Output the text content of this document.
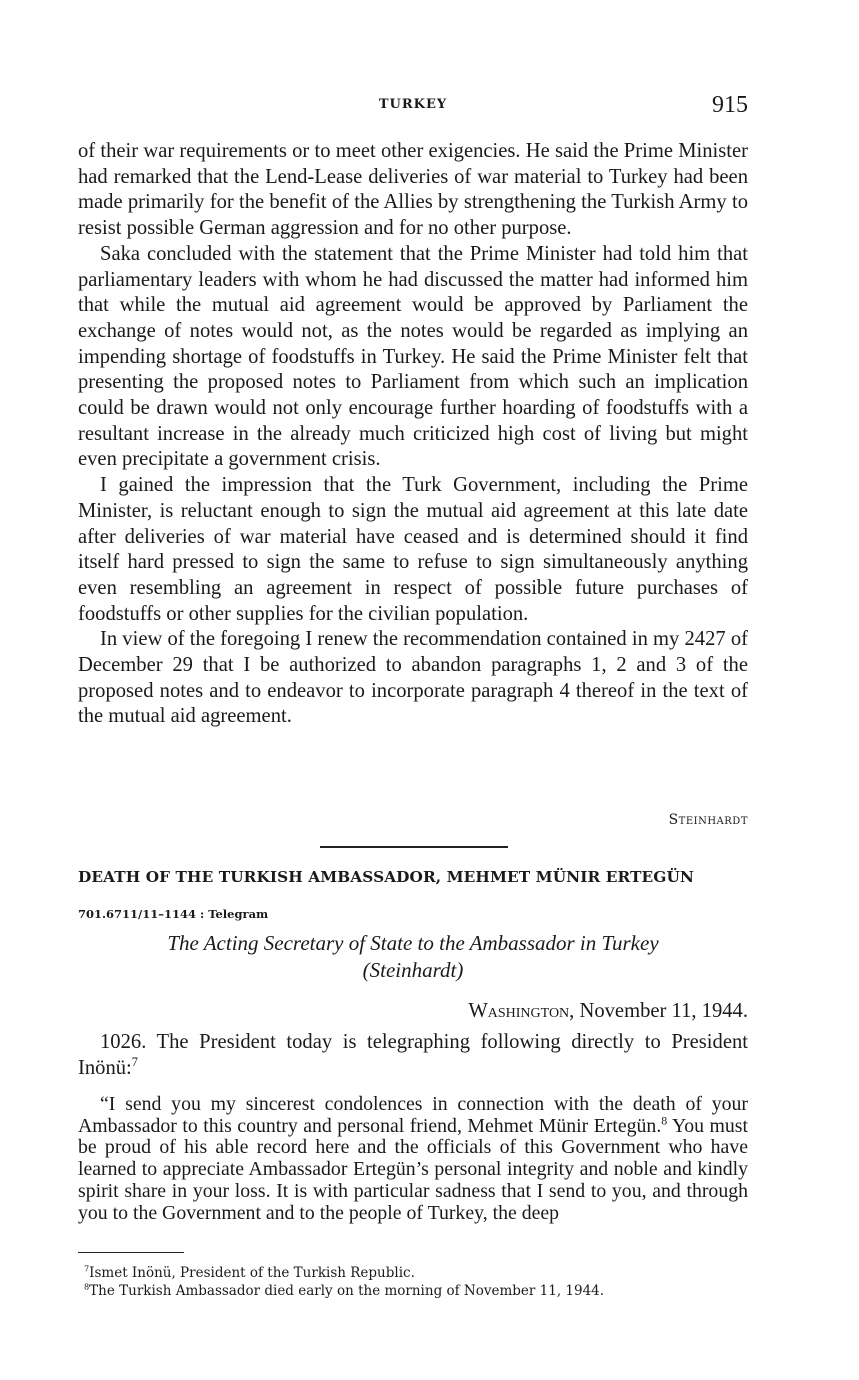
TURKEY	915

of their war requirements or to meet other exigencies. He said the Prime Minister had remarked that the Lend-Lease deliveries of war material to Turkey had been made primarily for the benefit of the Allies by strengthening the Turkish Army to resist possible German aggression and for no other purpose.

Saka concluded with the statement that the Prime Minister had told him that parliamentary leaders with whom he had discussed the matter had informed him that while the mutual aid agreement would be approved by Parliament the exchange of notes would not, as the notes would be regarded as implying an impending shortage of foodstuffs in Turkey. He said the Prime Minister felt that presenting the proposed notes to Parliament from which such an implication could be drawn would not only encourage further hoarding of foodstuffs with a resultant increase in the already much criticized high cost of living but might even precipitate a government crisis.

I gained the impression that the Turk Government, including the Prime Minister, is reluctant enough to sign the mutual aid agreement at this late date after deliveries of war material have ceased and is determined should it find itself hard pressed to sign the same to refuse to sign simultaneously anything even resembling an agreement in respect of possible future purchases of foodstuffs or other supplies for the civilian population.

In view of the foregoing I renew the recommendation contained in my 2427 of December 29 that I be authorized to abandon paragraphs 1, 2 and 3 of the proposed notes and to endeavor to incorporate paragraph 4 thereof in the text of the mutual aid agreement.

Steinhardt
DEATH OF THE TURKISH AMBASSADOR, MEHMET MÜNIR ERTEGÜN
701.6711/11–1144 : Telegram
The Acting Secretary of State to the Ambassador in Turkey
(Steinhardt)
Washington, November 11, 1944.

1026. The President today is telegraphing following directly to President Inönü:$^7$

“I send you my sincerest condolences in connection with the death of your Ambassador to this country and personal friend, Mehmet Münir Ertegün.$^8$ You must be proud of his able record here and the officials of this Government who have learned to appreciate Ambassador Ertegün’s personal integrity and noble and kindly spirit share in your loss. It is with particular sadness that I send to you, and through you to the Government and to the people of Turkey, the deep

$^7$Ismet Inönü, President of the Turkish Republic.

$^8$The Turkish Ambassador died early on the morning of November 11, 1944.
